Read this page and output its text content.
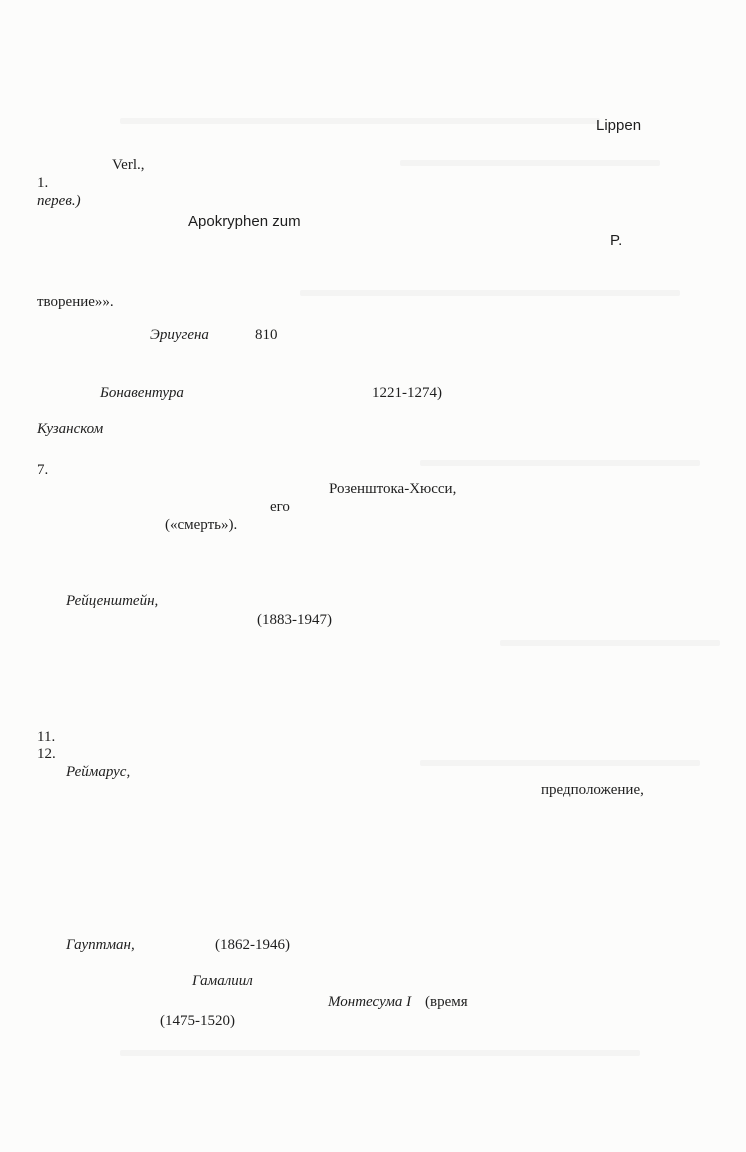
Lippen
Verl.,
1.
перев.)
Apokryphen zum
P.
творение»».
Эриугена	810
Бонавентура	1221-1274)
Кузанском
7.
Розенштока-Хюсси,
его
(«смерть»).
Рейценштейн,
(1883-1947)
11.
12.
Реймарус,
предположение,
Гауптман,	(1862-1946)
Гамалиил
Монтесума I (время
(1475-1520)
